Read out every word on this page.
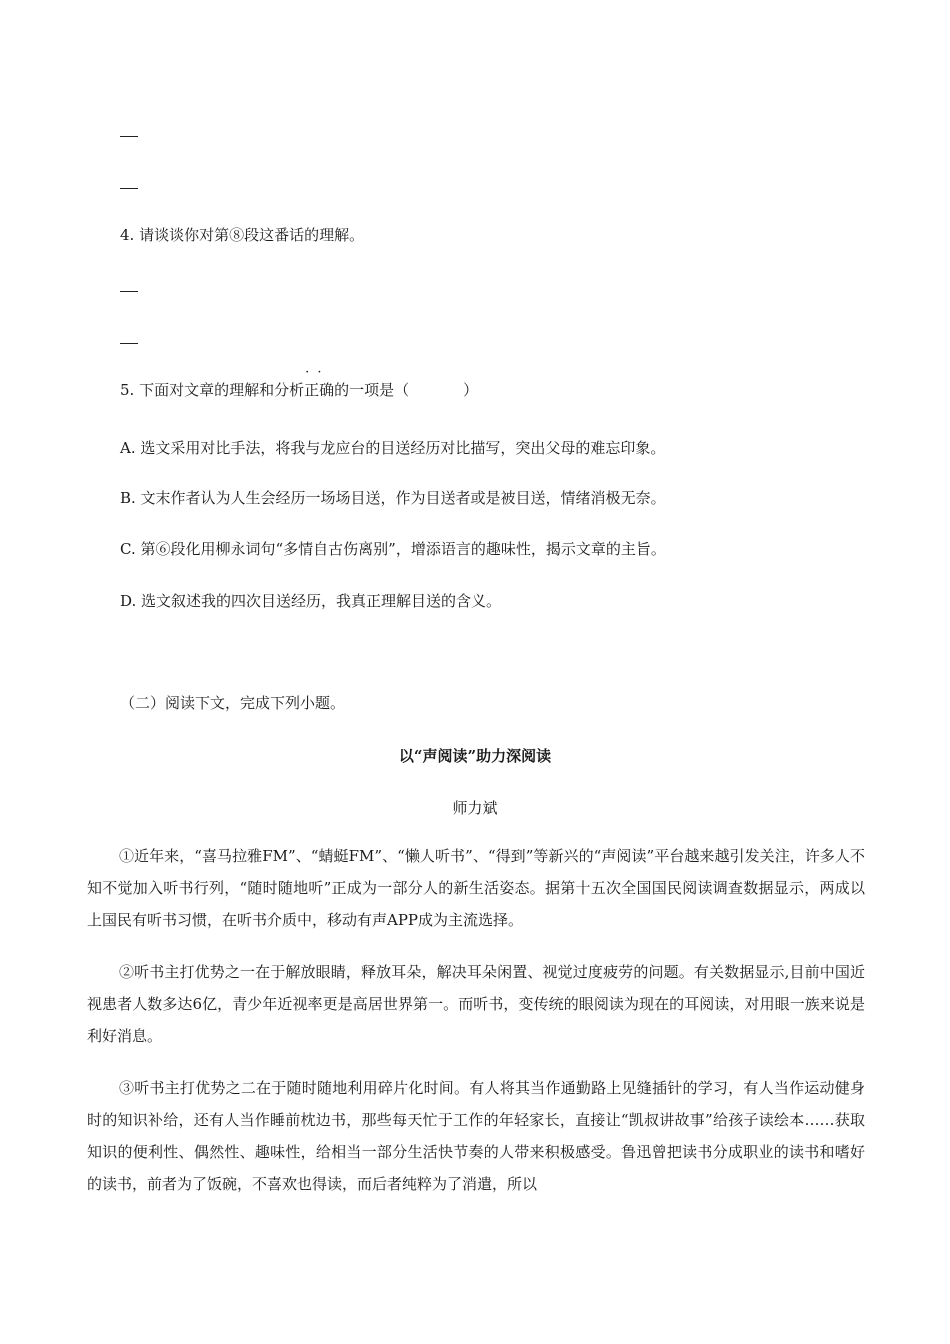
4. 请谈谈你对第⑧段这番话的理解。
5. 下面对文章的理解和分析· · 正确的一项是（	）
A. 选文采用对比手法，将我与龙应台的目送经历对比描写，突出父母的难忘印象。
B. 文末作者认为人生会经历一场场目送，作为目送者或是被目送，情绪消极无奈。
C. 第⑥段化用柳永词句“多情自古伤离别”，增添语言的趣味性，揭示文章的主旨。
D. 选文叙述我的四次目送经历，我真正理解目送的含义。
（二）阅读下文，完成下列小题。
以“声阅读”助力深阅读
师力斌

①近年来，“喜马拉雅FM”、“蜻蜓FM”、“懒人听书”、“得到”等新兴的“声阅读”平台越来越引发关注，许多人不知不觉加入听书行列，“随时随地听”正成为一部分人的新生活姿态。据第十五次全国国民阅读调查数据显示，两成以上国民有听书习惯，在听书介质中，移动有声APP成为主流选择。

②听书主打优势之一在于解放眼睛，释放耳朵，解决耳朵闲置、视觉过度疲劳的问题。有关数据显示,目前中国近视患者人数多达6亿，青少年近视率更是高居世界第一。而听书，变传统的眼阅读为现在的耳阅读，对用眼一族来说是利好消息。

③听书主打优势之二在于随时随地利用碎片化时间。有人将其当作通勤路上见缝插针的学习，有人当作运动健身时的知识补给，还有人当作睡前枕边书，那些每天忙于工作的年轻家长，直接让“凯叔讲故事”给孩子读绘本……获取知识的便利性、偶然性、趣味性，给相当一部分生活快节奏的人带来积极感受。鲁迅曾把读书分成职业的读书和嗜好的读书，前者为了饭碗，不喜欢也得读，而后者纯粹为了消遣，所以
